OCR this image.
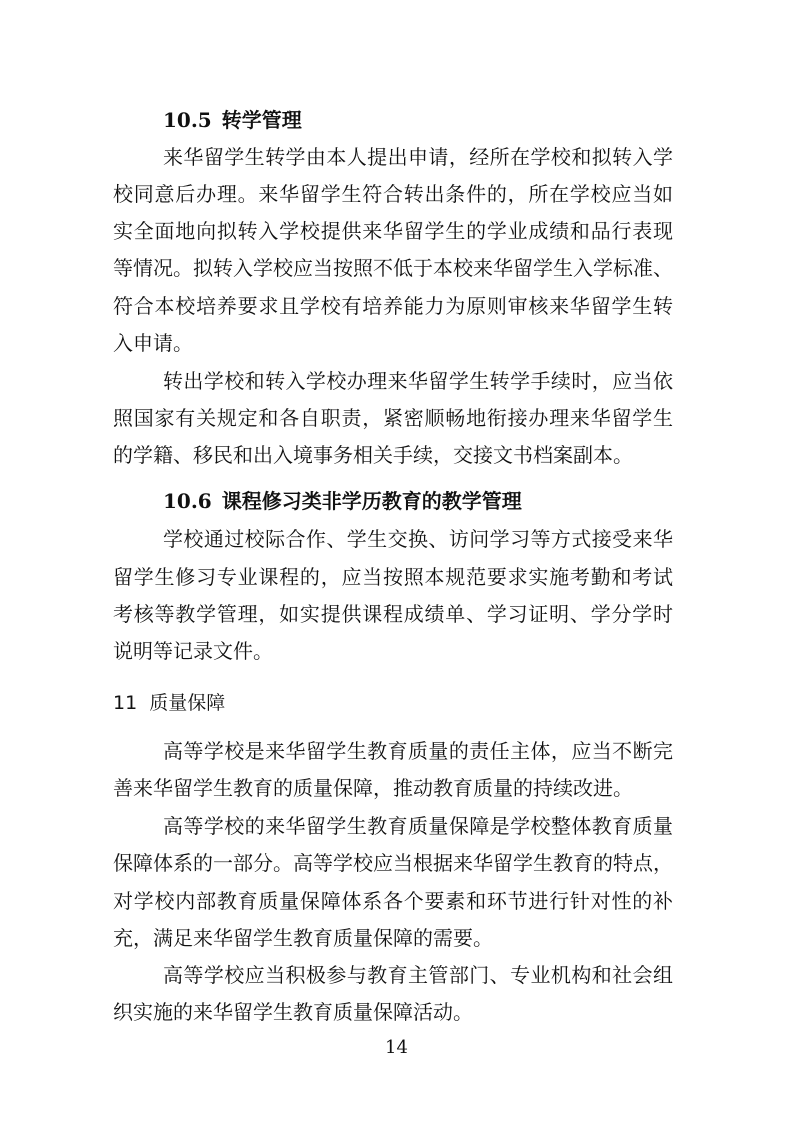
10.5 转学管理
来华留学生转学由本人提出申请，经所在学校和拟转入学
校同意后办理。来华留学生符合转出条件的，所在学校应当如
实全面地向拟转入学校提供来华留学生的学业成绩和品行表现
等情况。拟转入学校应当按照不低于本校来华留学生入学标准、
符合本校培养要求且学校有培养能力为原则审核来华留学生转
入申请。
转出学校和转入学校办理来华留学生转学手续时，应当依
照国家有关规定和各自职责，紧密顺畅地衔接办理来华留学生
的学籍、移民和出入境事务相关手续，交接文书档案副本。
10.6 课程修习类非学历教育的教学管理
学校通过校际合作、学生交换、访问学习等方式接受来华
留学生修习专业课程的，应当按照本规范要求实施考勤和考试
考核等教学管理，如实提供课程成绩单、学习证明、学分学时
说明等记录文件。
11 质量保障
高等学校是来华留学生教育质量的责任主体，应当不断完
善来华留学生教育的质量保障，推动教育质量的持续改进。
高等学校的来华留学生教育质量保障是学校整体教育质量
保障体系的一部分。高等学校应当根据来华留学生教育的特点，
对学校内部教育质量保障体系各个要素和环节进行针对性的补
充，满足来华留学生教育质量保障的需要。
高等学校应当积极参与教育主管部门、专业机构和社会组
织实施的来华留学生教育质量保障活动。
14
